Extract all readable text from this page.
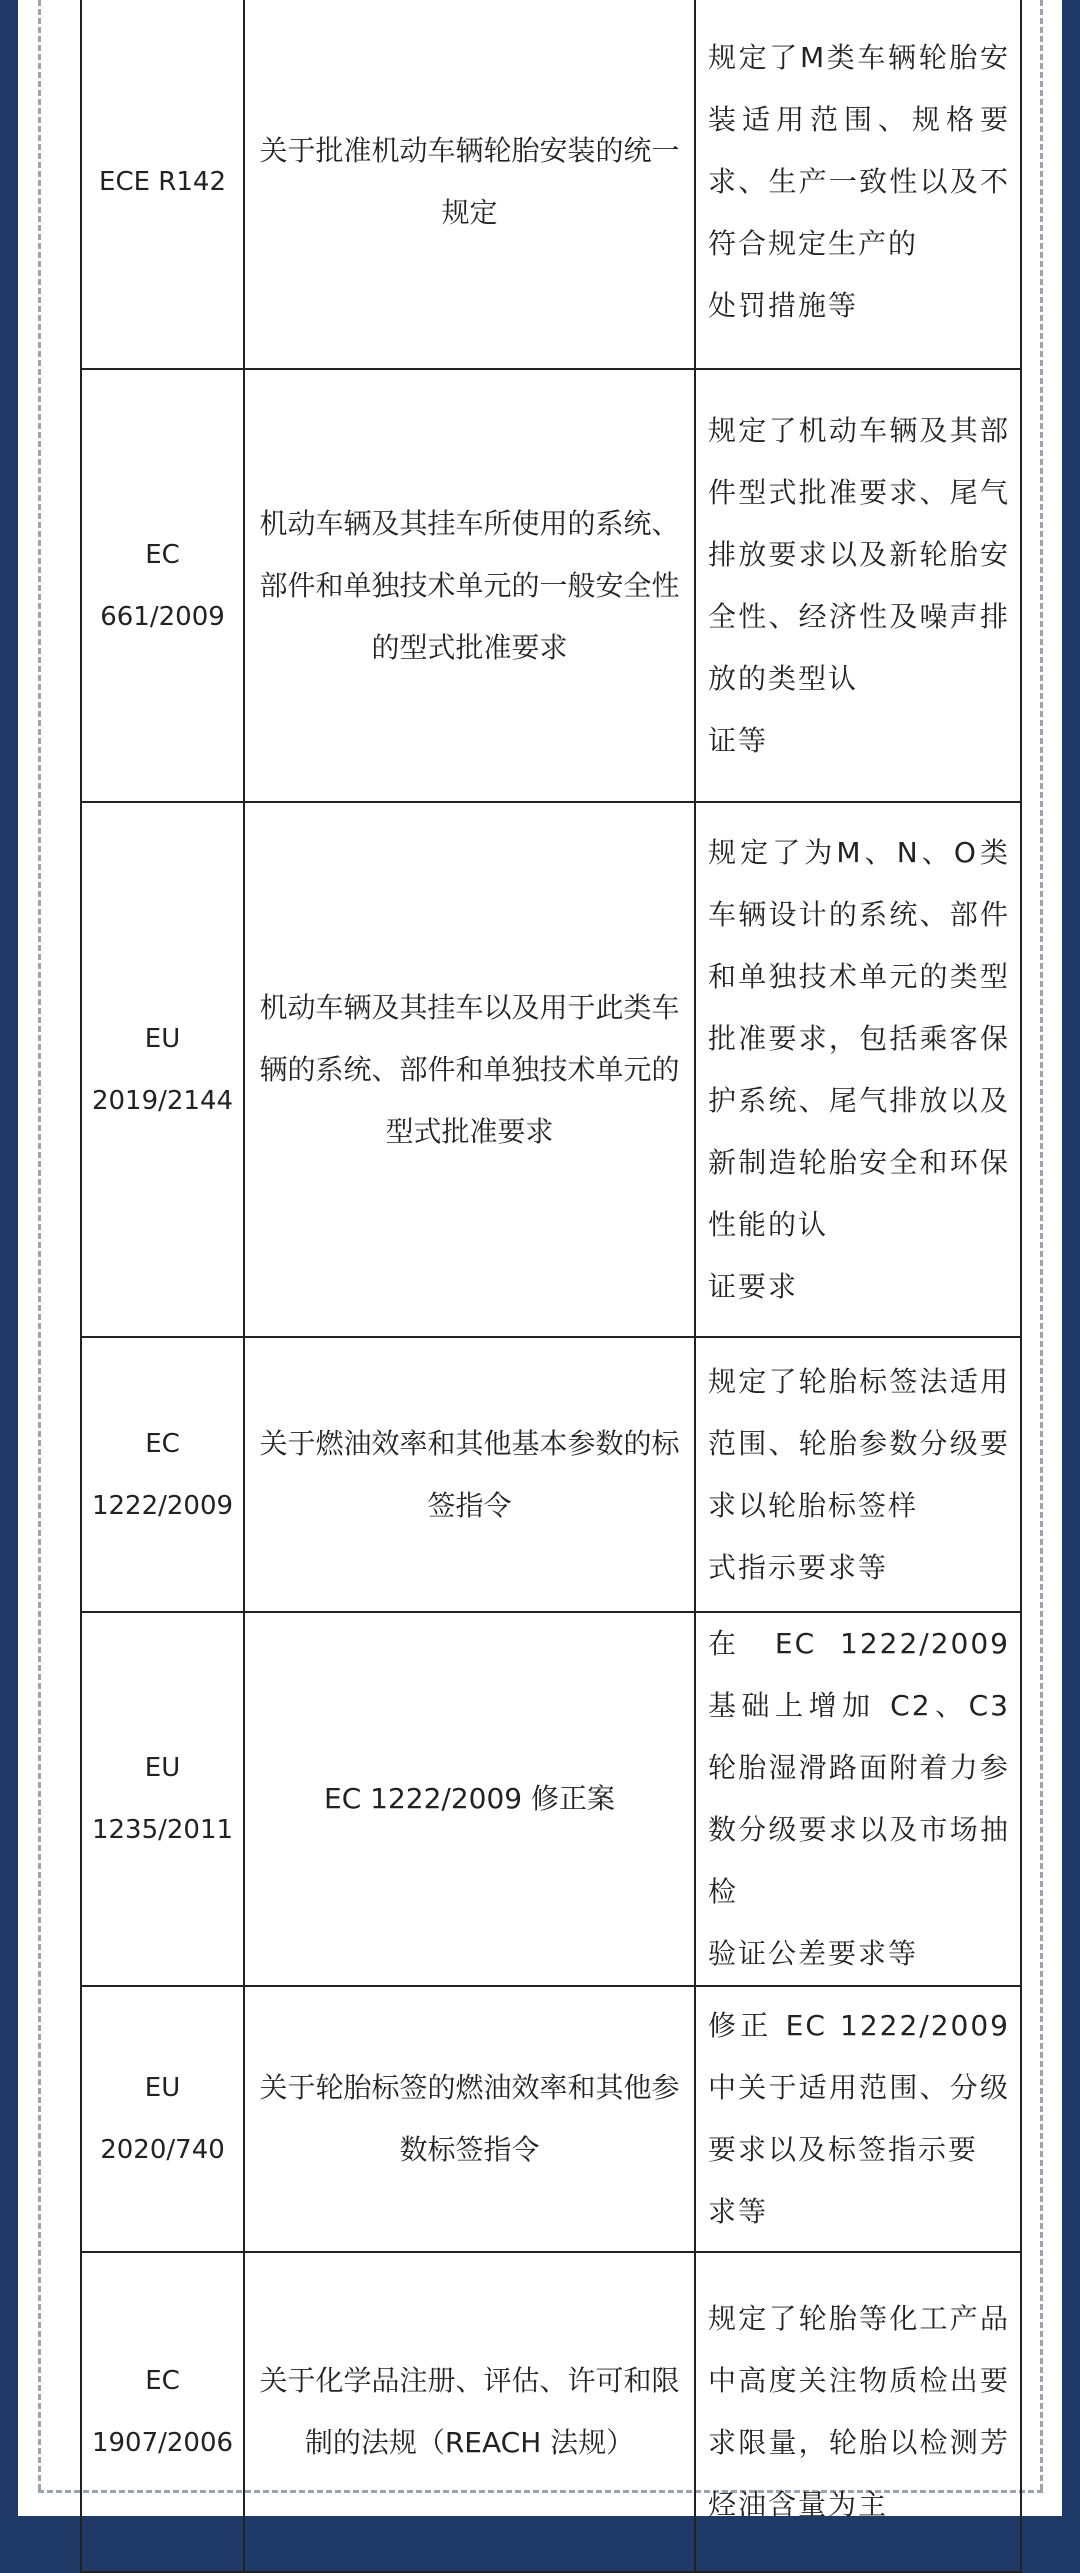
ECE R142	关于批准机动车辆轮胎安装的统一规定	规定了M类车辆轮胎安装适用范围、规格要求、生产一致性以及不符合规定生产的
处罚措施等

EC
661/2009	机动车辆及其挂车所使用的系统、部件和单独技术单元的一般安全性的型式批准要求	规定了机动车辆及其部件型式批准要求、尾气排放要求以及新轮胎安全性、经济性及噪声排放的类型认
证等

EU
2019/2144	机动车辆及其挂车以及用于此类车辆的系统、部件和单独技术单元的型式批准要求	规定了为M、N、O类车辆设计的系统、部件和单独技术单元的类型批准要求，包括乘客保护系统、尾气排放以及新制造轮胎安全和环保性能的认
证要求

EC
1222/2009	关于燃油效率和其他基本参数的标签指令	规定了轮胎标签法适用范围、轮胎参数分级要求以轮胎标签样
式指示要求等

EU
1235/2011	EC 1222/2009 修正案	在 EC 1222/2009 基础上增加 C2、C3 轮胎湿滑路面附着力参数分级要求以及市场抽检
验证公差要求等

EU
2020/740	关于轮胎标签的燃油效率和其他参数标签指令	修正 EC 1222/2009 中关于适用范围、分级要求以及标签指示要
求等

EC
1907/2006	关于化学品注册、评估、许可和限制的法规（REACH 法规）	规定了轮胎等化工产品中高度关注物质检出要求限量，轮胎以检测芳烃油含量为主
